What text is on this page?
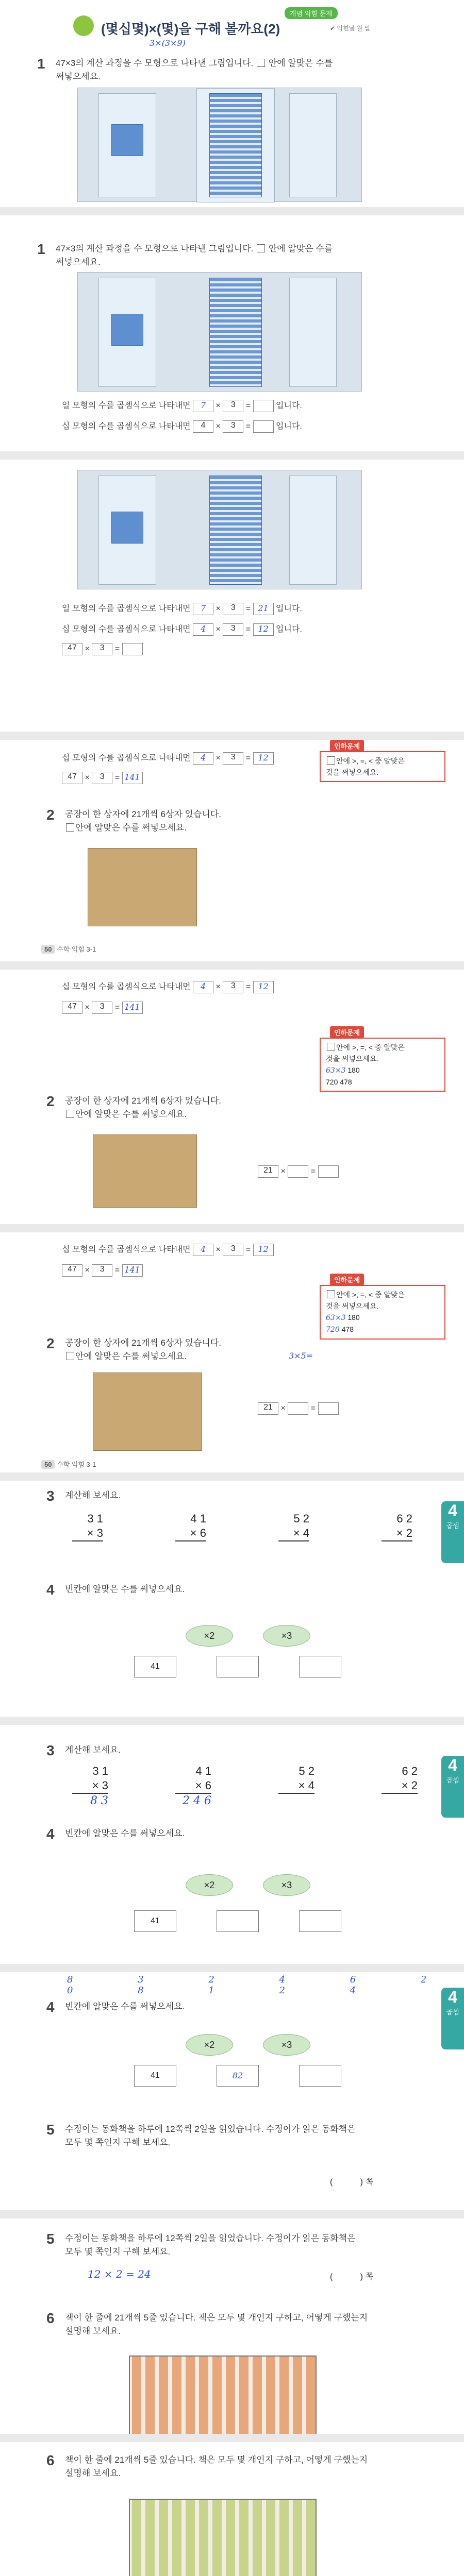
개념 익힘 문제
(몇십몇)×(몇)을 구해 볼까요(2)	✔ 익힌날 월 일
3×(3×9)
1 47×3의 계산 과정을 수 모형으로 나타낸 그림입니다. 안에 알맞은 수를
써넣으세요.
1 47×3의 계산 과정을 수 모형으로 나타낸 그림입니다. 안에 알맞은 수를
써넣으세요.
일 모형의 수를 곱셈식으로 나타내면 7 × 3 =	입니다.
십 모형의 수를 곱셈식으로 나타내면 4 × 3 =	입니다.
일 모형의 수를 곱셈식으로 나타내면 7 × 3 = 21 입니다.
십 모형의 수를 곱셈식으로 나타내면 4 × 3 = 12 입니다.
47 × 3 =
십 모형의 수를 곱셈식으로 나타내면 4 × 3 = 12
47 × 3 = 141
인하문제
안에 >, =, < 중 알맞은
것을 써넣으세요.
2 공장이 한 상자에 21개씩 6상자 있습니다.
안에 알맞은 수를 써넣으세요.
50 수학 익힘 3-1
십 모형의 수를 곱셈식으로 나타내면 4 × 3 = 12
47 × 3 = 141
인하문제
안에 >, =, < 중 알맞은
것을 써넣으세요.
63×3 180
720 478
2 공장이 한 상자에 21개씩 6상자 있습니다.
안에 알맞은 수를 써넣으세요.
21 ×	=
십 모형의 수를 곱셈식으로 나타내면 4 × 3 = 12
47 × 3 = 141
인하문제
안에 >, =, < 중 알맞은
것을 써넣으세요.
63×3 180
720 478
3×5=
2 공장이 한 상자에 21개씩 6상자 있습니다.
안에 알맞은 수를 써넣으세요.
21 ×	=
50 수학 익힘 3-1
3 계산해 보세요.
3 1
× 3

4 1
× 6

5 2
× 4

6 2
× 2

4 빈칸에 알맞은 수를 써넣으세요.
41
×2	×3
4
곱셈
3 계산해 보세요.
3 1
× 3
8 3
4 1
× 6
2 4 6
5 2
× 4

6 2
× 2

4 빈칸에 알맞은 수를 써넣으세요.
41
×2	×3
4
곱셈
8 3	2 4 6	2 0 8	1 2 4
4 빈칸에 알맞은 수를 써넣으세요.
41
×2
82
×3
5 수정이는 동화책을 하루에 12쪽씩 2일을 읽었습니다. 수정이가 읽은 동화책은
모두 몇 쪽인지 구해 보세요.
(            ) 쪽
4
곱셈
5 수정이는 동화책을 하루에 12쪽씩 2일을 읽었습니다. 수정이가 읽은 동화책은
모두 몇 쪽인지 구해 보세요.
12 × 2 = 24	(            ) 쪽
6 책이 한 줄에 21개씩 5줄 있습니다. 책은 모두 몇 개인지 구하고, 어떻게 구했는지
설명해 보세요.
6 책이 한 줄에 21개씩 5줄 있습니다. 책은 모두 몇 개인지 구하고, 어떻게 구했는지
설명해 보세요.
